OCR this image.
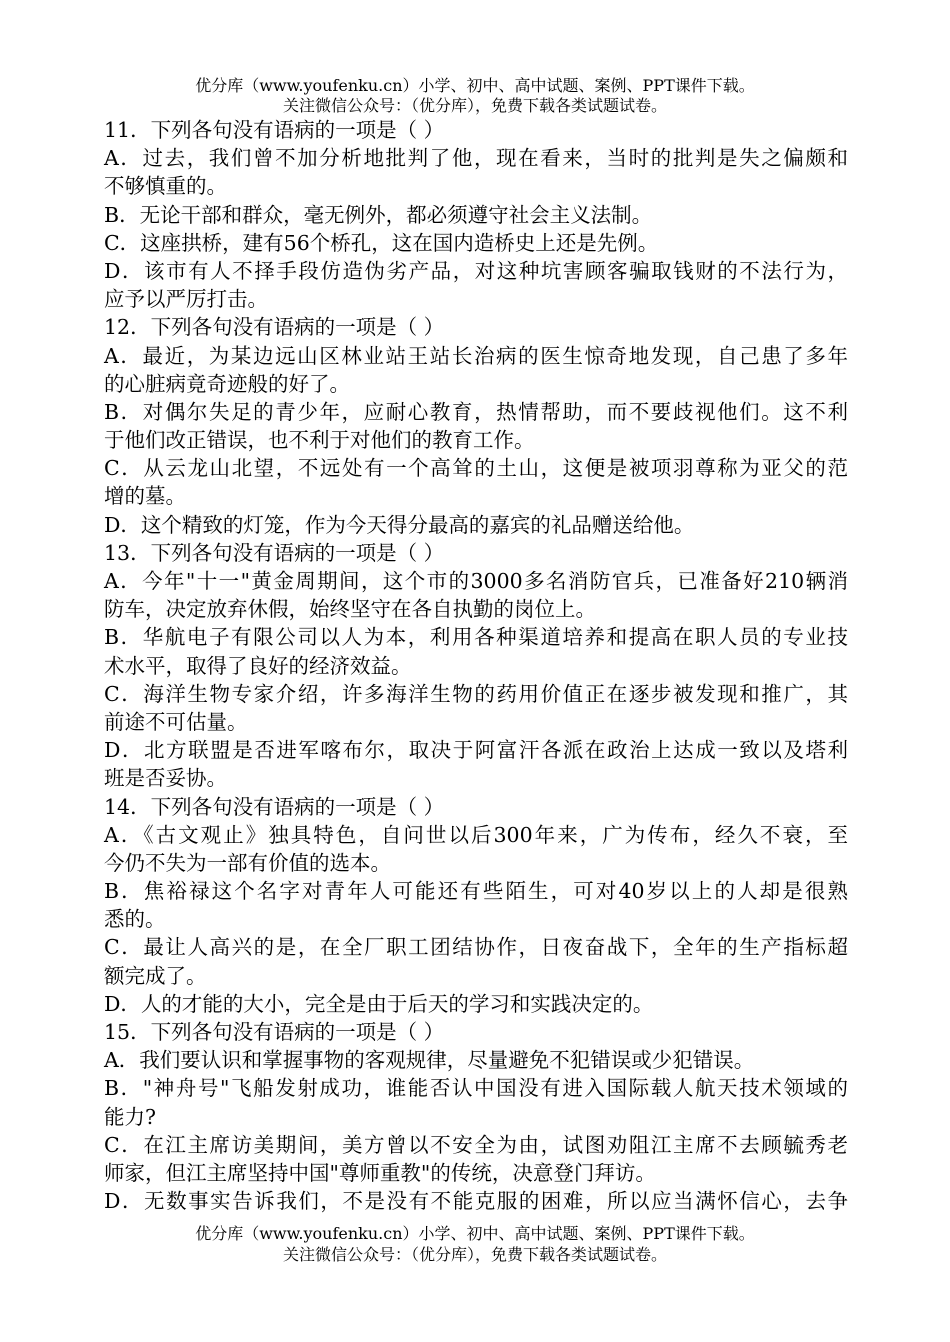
优分库（www.youfenku.cn）小学、初中、高中试题、案例、PPT课件下载。
关注微信公众号：（优分库），免费下载各类试题试卷。
11．下列各句没有语病的一项是（ ）
A．过去，我们曾不加分析地批判了他，现在看来，当时的批判是失之偏颇和
不够慎重的。
B．无论干部和群众，毫无例外，都必须遵守社会主义法制。
C．这座拱桥，建有56个桥孔，这在国内造桥史上还是先例。
D．该市有人不择手段仿造伪劣产品，对这种坑害顾客骗取钱财的不法行为，
应予以严厉打击。
12．下列各句没有语病的一项是（ ）
A．最近，为某边远山区林业站王站长治病的医生惊奇地发现，自己患了多年
的心脏病竟奇迹般的好了。
B．对偶尔失足的青少年，应耐心教育，热情帮助，而不要歧视他们。这不利
于他们改正错误，也不利于对他们的教育工作。
C．从云龙山北望，不远处有一个高耸的土山，这便是被项羽尊称为亚父的范
增的墓。
D．这个精致的灯笼，作为今天得分最高的嘉宾的礼品赠送给他。
13．下列各句没有语病的一项是（ ）
A．今年"十一"黄金周期间，这个市的3000多名消防官兵，已准备好210辆消
防车，决定放弃休假，始终坚守在各自执勤的岗位上。
B．华航电子有限公司以人为本，利用各种渠道培养和提高在职人员的专业技
术水平，取得了良好的经济效益。
C．海洋生物专家介绍，许多海洋生物的药用价值正在逐步被发现和推广，其
前途不可估量。
D．北方联盟是否进军喀布尔，取决于阿富汗各派在政治上达成一致以及塔利
班是否妥协。
14．下列各句没有语病的一项是（ ）
A．《古文观止》独具特色，自问世以后300年来，广为传布，经久不衰，至
今仍不失为一部有价值的选本。
B．焦裕禄这个名字对青年人可能还有些陌生，可对40岁以上的人却是很熟
悉的。
C．最让人高兴的是，在全厂职工团结协作，日夜奋战下，全年的生产指标超
额完成了。
D．人的才能的大小，完全是由于后天的学习和实践决定的。
15．下列各句没有语病的一项是（ ）
A．我们要认识和掌握事物的客观规律，尽量避免不犯错误或少犯错误。
B．"神舟号"飞船发射成功，谁能否认中国没有进入国际载人航天技术领域的
能力?
C．在江主席访美期间，美方曾以不安全为由，试图劝阻江主席不去顾毓秀老
师家，但江主席坚持中国"尊师重教"的传统，决意登门拜访。
D．无数事实告诉我们，不是没有不能克服的困难，所以应当满怀信心，去争
优分库（www.youfenku.cn）小学、初中、高中试题、案例、PPT课件下载。
关注微信公众号：（优分库），免费下载各类试题试卷。
